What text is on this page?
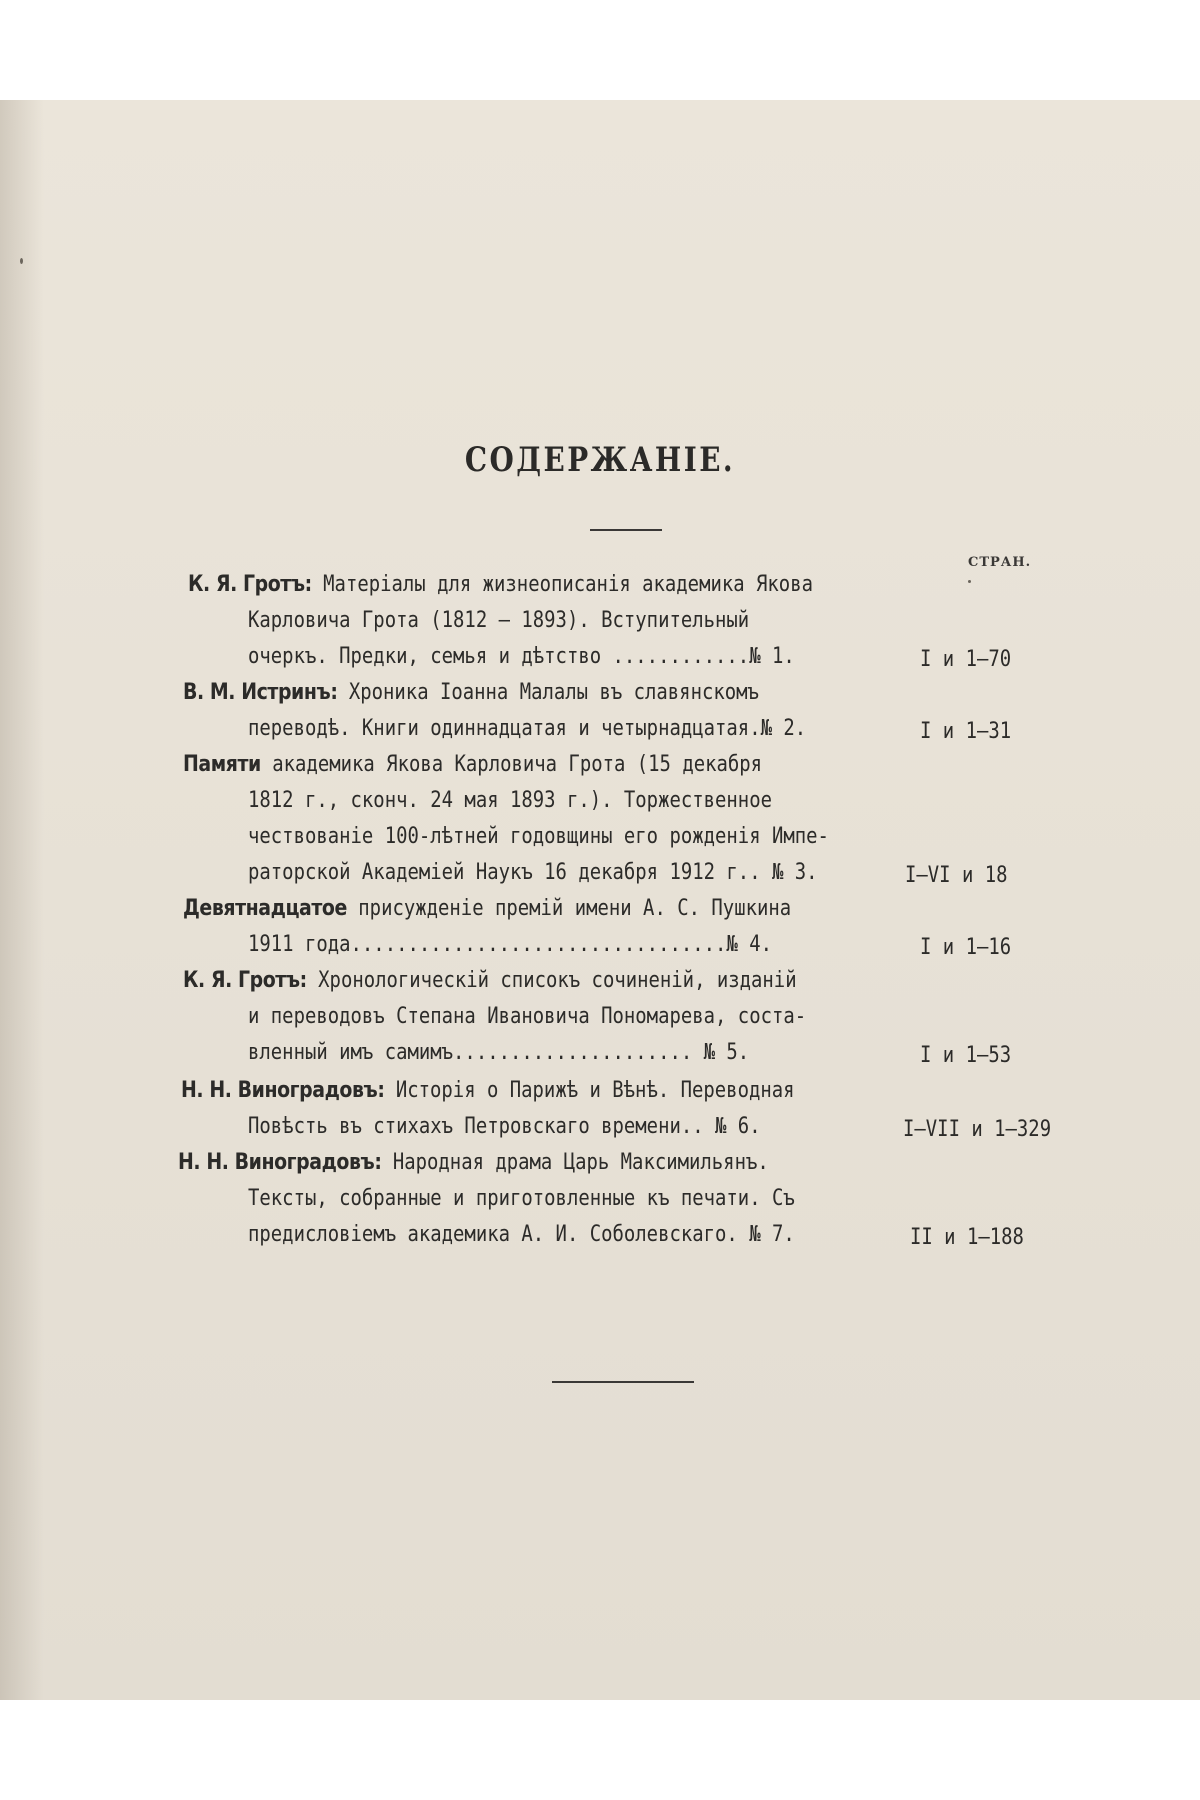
СОДЕРЖАНІЕ.
СТРАН.
К. Я. Гротъ: Матеріалы для жизнеописанія академика Якова
Карловича Грота (1812 — 1893). Вступительный
очеркъ. Предки, семья и дѣтство ............№ 1.	I и 1—70
В. М. Истринъ: Хроника Іоанна Малалы въ славянскомъ
переводѣ. Книги одиннадцатая и четырнадцатая.№ 2.	I и 1—31
Памяти академика Якова Карловича Грота (15 декабря
1812 г., сконч. 24 мая 1893 г.). Торжественное
чествованіе 100-лѣтней годовщины его рожденія Импе-
раторской Академіей Наукъ 16 декабря 1912 г.. № 3.	I—VI и 18
Девятнадцатое присужденіе премій имени А. С. Пушкина
1911 года.................................№ 4.	I и 1—16
К. Я. Гротъ: Хронологическій списокъ сочиненій, изданій
и переводовъ Степана Ивановича Пономарева, соста-
вленный имъ самимъ..................... № 5.	I и 1—53
Н. Н. Виноградовъ: Исторія о Парижѣ и Вѣнѣ. Переводная
Повѣсть въ стихахъ Петровскаго времени.. № 6.	I—VII и 1—329
Н. Н. Виноградовъ: Народная драма Царь Максимильянъ.
Тексты, собранные и приготовленные къ печати. Съ
предисловіемъ академика А. И. Соболевскаго. № 7.	II и 1—188
